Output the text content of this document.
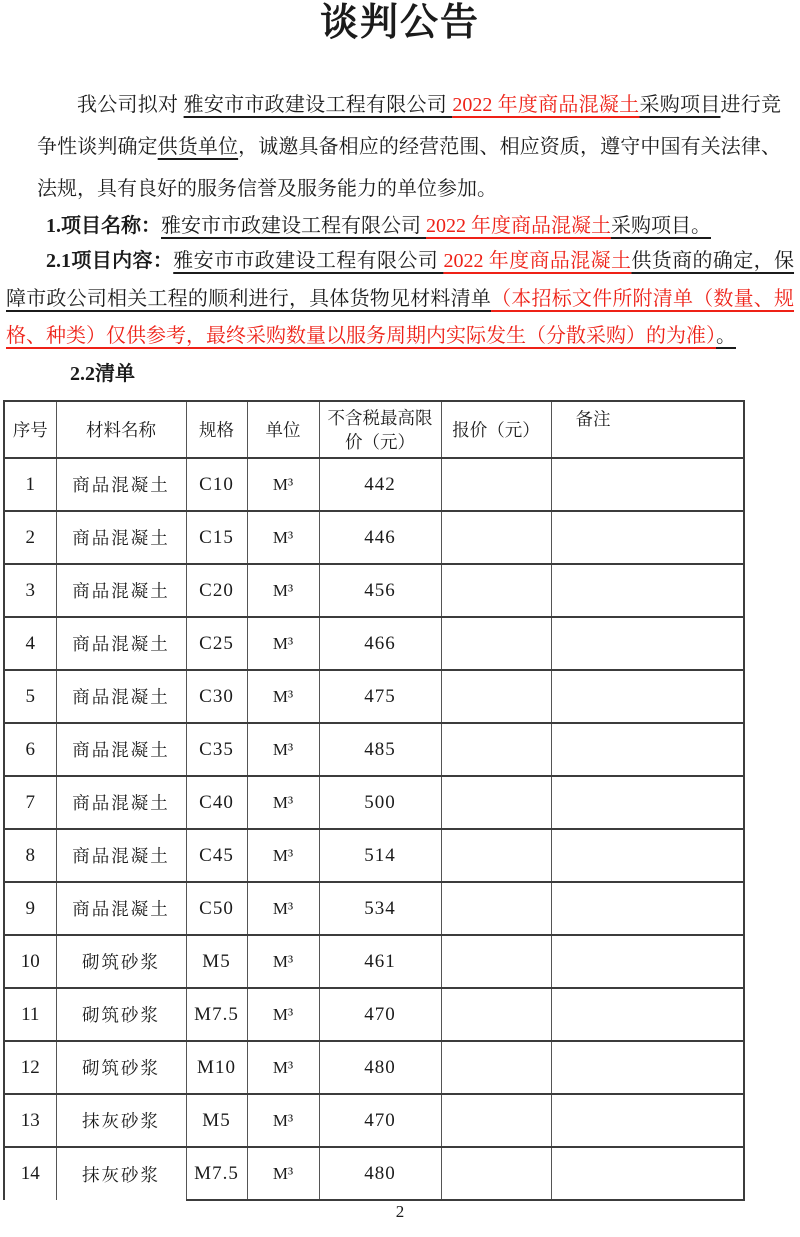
谈判公告

我公司拟对 雅安市市政建设工程有限公司 2022 年度商品混凝土采购项目进行竞争性谈判确定供货单位，诚邀具备相应的经营范围、相应资质，遵守中国有关法律、法规，具有良好的服务信誉及服务能力的单位参加。

1.项目名称：雅安市市政建设工程有限公司 2022 年度商品混凝土采购项目。

2.1项目内容：雅安市市政建设工程有限公司 2022 年度商品混凝土供货商的确定，保障市政公司相关工程的顺利进行，具体货物见材料清单（本招标文件所附清单（数量、规格、种类）仅供参考，最终采购数量以服务周期内实际发生（分散采购）的为准）。

2.2清单

序号	材料名称	规格	单位	不含税最高限价（元）	报价（元）	备注
1	商品混凝土	C10	M³	442		
2	商品混凝土	C15	M³	446		
3	商品混凝土	C20	M³	456		
4	商品混凝土	C25	M³	466		
5	商品混凝土	C30	M³	475		
6	商品混凝土	C35	M³	485		
7	商品混凝土	C40	M³	500		
8	商品混凝土	C45	M³	514		
9	商品混凝土	C50	M³	534		
10	砌筑砂浆	M5	M³	461		
11	砌筑砂浆	M7.5	M³	470		
12	砌筑砂浆	M10	M³	480		
13	抹灰砂浆	M5	M³	470		
14	抹灰砂浆	M7.5	M³	480		
2
